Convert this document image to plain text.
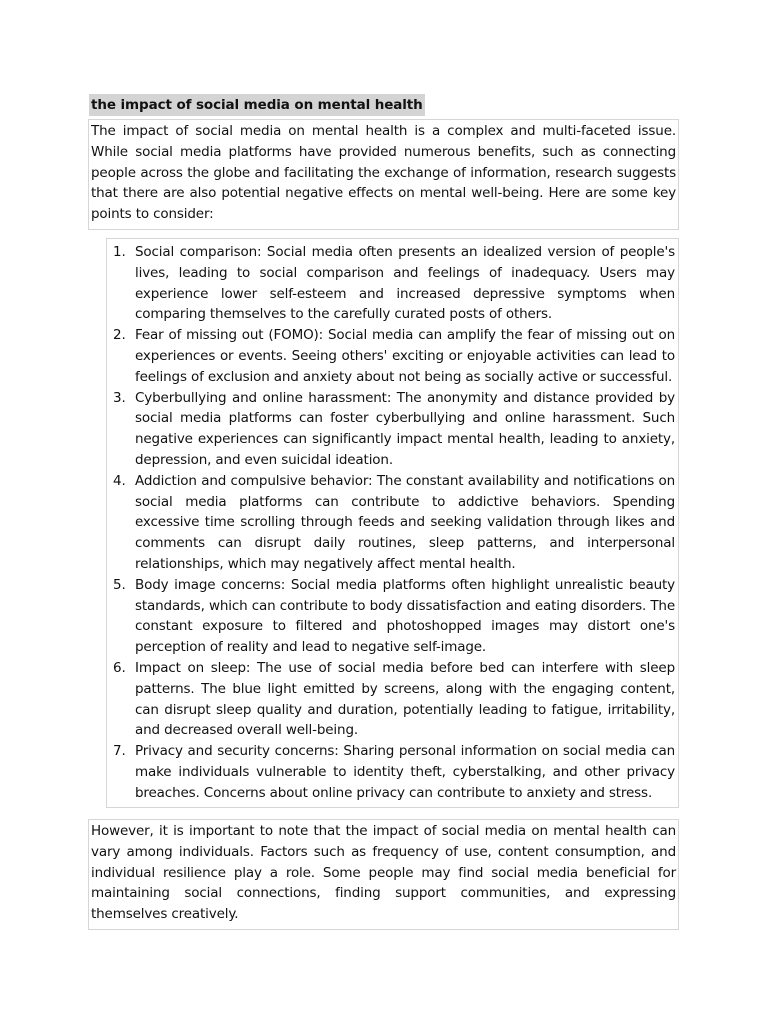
the impact of social media on mental health

The impact of social media on mental health is a complex and multi-faceted issue. While social media platforms have provided numerous benefits, such as connecting people across the globe and facilitating the exchange of information, research suggests that there are also potential negative effects on mental well-being. Here are some key points to consider:

1. Social comparison: Social media often presents an idealized version of people's lives, leading to social comparison and feelings of inadequacy. Users may experience lower self-esteem and increased depressive symptoms when comparing themselves to the carefully curated posts of others.
2. Fear of missing out (FOMO): Social media can amplify the fear of missing out on experiences or events. Seeing others' exciting or enjoyable activities can lead to feelings of exclusion and anxiety about not being as socially active or successful.
3. Cyberbullying and online harassment: The anonymity and distance provided by social media platforms can foster cyberbullying and online harassment. Such negative experiences can significantly impact mental health, leading to anxiety, depression, and even suicidal ideation.
4. Addiction and compulsive behavior: The constant availability and notifications on social media platforms can contribute to addictive behaviors. Spending excessive time scrolling through feeds and seeking validation through likes and comments can disrupt daily routines, sleep patterns, and interpersonal relationships, which may negatively affect mental health.
5. Body image concerns: Social media platforms often highlight unrealistic beauty standards, which can contribute to body dissatisfaction and eating disorders. The constant exposure to filtered and photoshopped images may distort one's perception of reality and lead to negative self-image.
6. Impact on sleep: The use of social media before bed can interfere with sleep patterns. The blue light emitted by screens, along with the engaging content, can disrupt sleep quality and duration, potentially leading to fatigue, irritability, and decreased overall well-being.
7. Privacy and security concerns: Sharing personal information on social media can make individuals vulnerable to identity theft, cyberstalking, and other privacy breaches. Concerns about online privacy can contribute to anxiety and stress.

However, it is important to note that the impact of social media on mental health can vary among individuals. Factors such as frequency of use, content consumption, and individual resilience play a role. Some people may find social media beneficial for maintaining social connections, finding support communities, and expressing themselves creatively.
